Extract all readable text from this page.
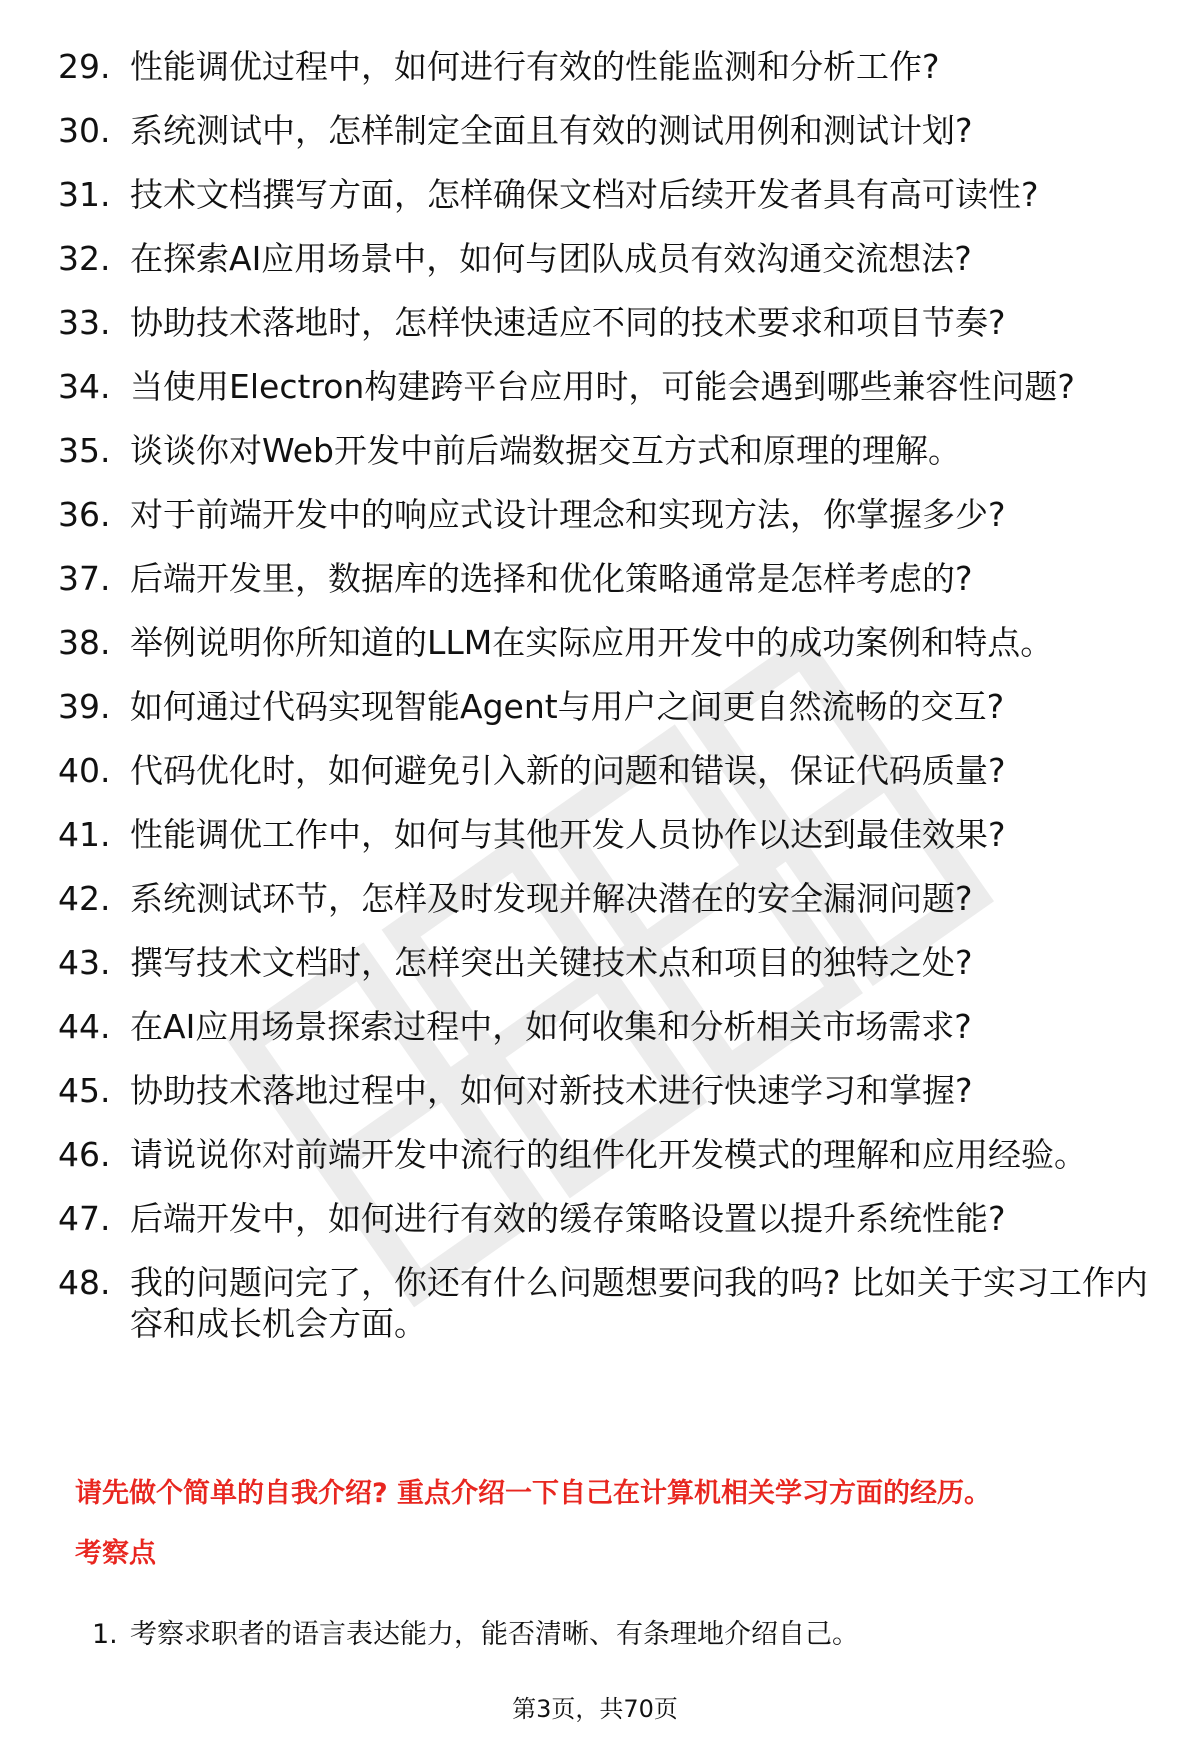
29. 性能调优过程中，如何进行有效的性能监测和分析工作?
30. 系统测试中，怎样制定全面且有效的测试用例和测试计划?
31. 技术文档撰写方面，怎样确保文档对后续开发者具有高可读性?
32. 在探索AI应用场景中，如何与团队成员有效沟通交流想法?
33. 协助技术落地时，怎样快速适应不同的技术要求和项目节奏?
34. 当使用Electron构建跨平台应用时，可能会遇到哪些兼容性问题?
35. 谈谈你对Web开发中前后端数据交互方式和原理的理解。
36. 对于前端开发中的响应式设计理念和实现方法，你掌握多少?
37. 后端开发里，数据库的选择和优化策略通常是怎样考虑的?
38. 举例说明你所知道的LLM在实际应用开发中的成功案例和特点。
39. 如何通过代码实现智能Agent与用户之间更自然流畅的交互?
40. 代码优化时，如何避免引入新的问题和错误，保证代码质量?
41. 性能调优工作中，如何与其他开发人员协作以达到最佳效果?
42. 系统测试环节，怎样及时发现并解决潜在的安全漏洞问题?
43. 撰写技术文档时，怎样突出关键技术点和项目的独特之处?
44. 在AI应用场景探索过程中，如何收集和分析相关市场需求?
45. 协助技术落地过程中，如何对新技术进行快速学习和掌握?
46. 请说说你对前端开发中流行的组件化开发模式的理解和应用经验。
47. 后端开发中，如何进行有效的缓存策略设置以提升系统性能?
48. 我的问题问完了，你还有什么问题想要问我的吗? 比如关于实习工作内容和成长机会方面。

请先做个简单的自我介绍? 重点介绍一下自己在计算机相关学习方面的经历。

考察点

1. 考察求职者的语言表达能力，能否清晰、有条理地介绍自己。
第3页，共70页
